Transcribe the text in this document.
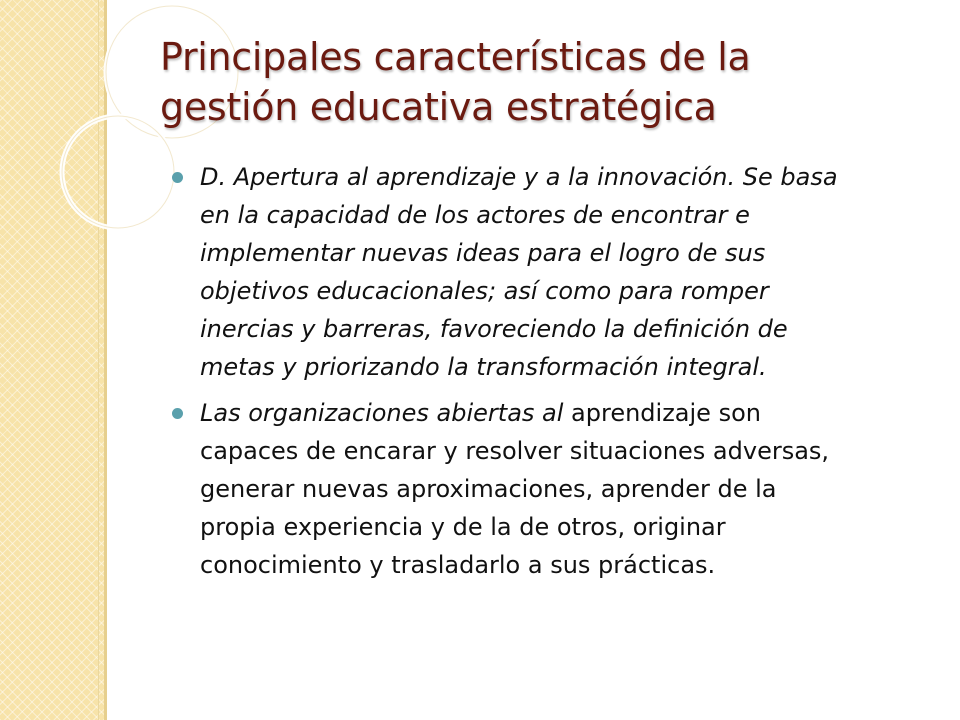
Principales características de la
gestión educativa estratégica
D. Apertura al aprendizaje y a la innovación. Se basa en la capacidad de los actores de encontrar e implementar nuevas ideas para el logro de sus objetivos educacionales; así como para romper inercias y barreras, favoreciendo la definición de metas y priorizando la transformación integral.
Las organizaciones abiertas al aprendizaje son capaces de encarar y resolver situaciones adversas, generar nuevas aproximaciones, aprender de la propia experiencia y de la de otros, originar conocimiento y trasladarlo a sus prácticas.
